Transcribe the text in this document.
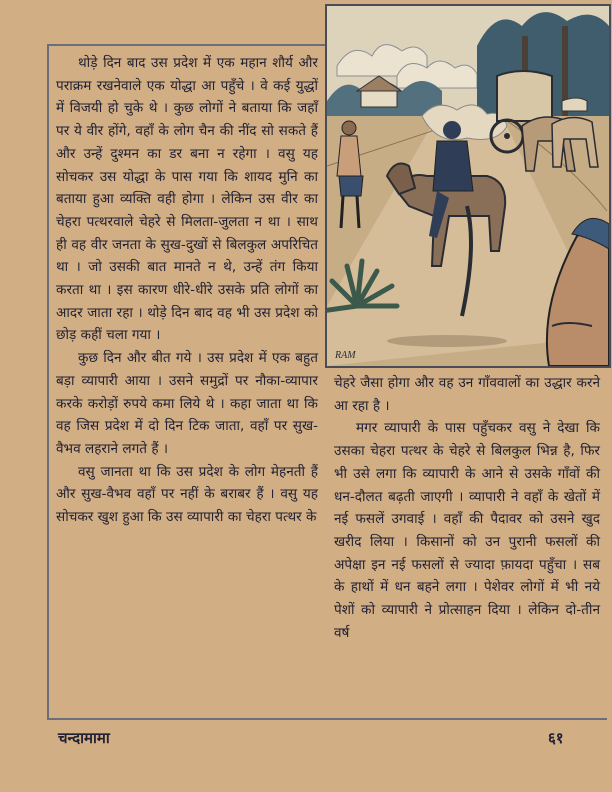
RAM

थोड़े दिन बाद उस प्रदेश में एक महान शौर्य और पराक्रम रखनेवाले एक योद्धा आ पहुँचे । वे कई युद्धों में विजयी हो चुके थे । कुछ लोगों ने बताया कि जहाँ पर ये वीर होंगे, वहाँ के लोग चैन की नींद सो सकते हैं और उन्हें दुश्मन का डर बना न रहेगा । वसु यह सोचकर उस योद्धा के पास गया कि शायद मुनि का बताया हुआ व्यक्ति वही होगा । लेकिन उस वीर का चेहरा पत्थरवाले चेहरे से मिलता-जुलता न था । साथ ही वह वीर जनता के सुख-दुखों से बिलकुल अपरिचित था । जो उसकी बात मानते न थे, उन्हें तंग किया करता था । इस कारण धीरे-धीरे उसके प्रति लोगों का आदर जाता रहा । थोड़े दिन बाद वह भी उस प्रदेश को छोड़ कहीं चला गया ।

कुछ दिन और बीत गये । उस प्रदेश में एक बहुत बड़ा व्यापारी आया । उसने समुद्रों पर नौका-व्यापार करके करोड़ों रुपये कमा लिये थे । कहा जाता था कि वह जिस प्रदेश में दो दिन टिक जाता, वहाँ पर सुख-वैभव लहराने लगते हैं ।

वसु जानता था कि उस प्रदेश के लोग मेहनती हैं और सुख-वैभव वहाँ पर नहीं के बराबर हैं । वसु यह सोचकर खुश हुआ कि उस व्यापारी का चेहरा पत्थर के

चेहरे जैसा होगा और वह उन गाँववालों का उद्धार करने आ रहा है ।

मगर व्यापारी के पास पहुँचकर वसु ने देखा कि उसका चेहरा पत्थर के चेहरे से बिलकुल भिन्न है, फिर भी उसे लगा कि व्यापारी के आने से उसके गाँवों की धन-दौलत बढ़ती जाएगी । व्यापारी ने वहाँ के खेतों में नई फसलें उगवाई । वहाँ की पैदावर को उसने खुद खरीद लिया । किसानों को उन पुरानी फसलों की अपेक्षा इन नई फसलों से ज्यादा फ़ायदा पहुँचा । सब के हाथों में धन बहने लगा । पेशेवर लोगों में भी नये पेशों को व्यापारी ने प्रोत्साहन दिया । लेकिन दो-तीन वर्ष

चन्दामामा	६१
